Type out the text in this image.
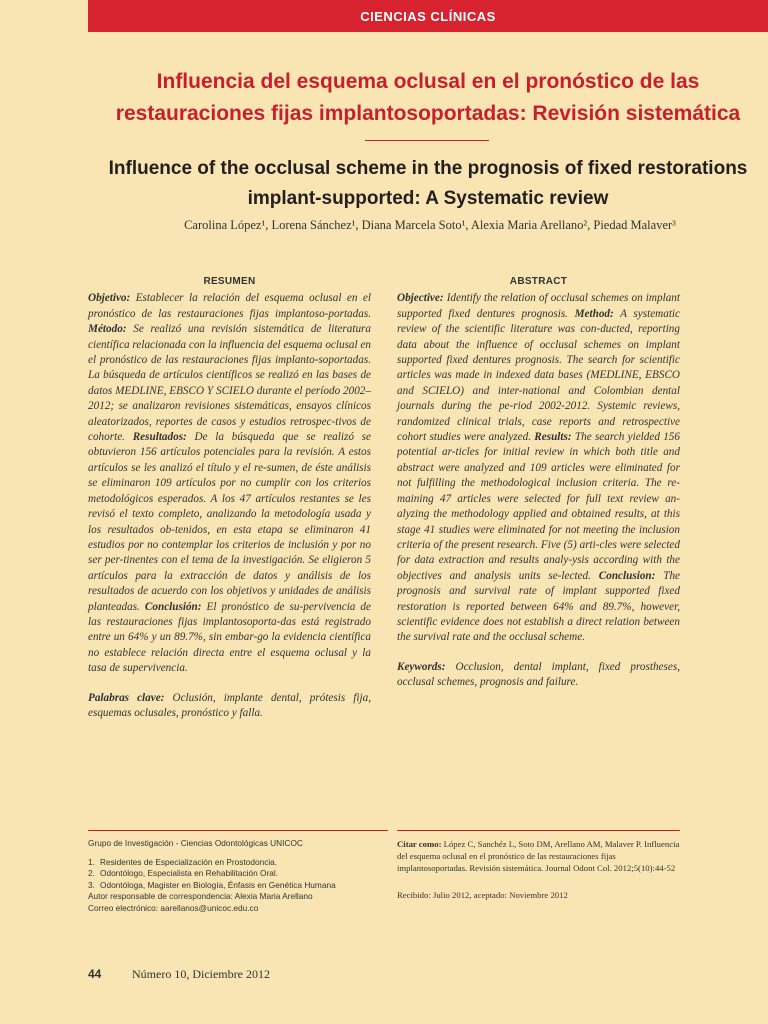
CIENCIAS CLÍNICAS
Influencia del esquema oclusal en el pronóstico de las restauraciones fijas implantosoportadas: Revisión sistemática
Influence of the occlusal scheme in the prognosis of fixed restorations implant-supported: A Systematic review
Carolina López¹, Lorena Sánchez¹, Diana Marcela Soto¹, Alexia Maria Arellano², Piedad Malaver³
RESUMEN

Objetivo: Establecer la relación del esquema oclusal en el pronóstico de las restauraciones fijas implantoso-portadas. Método: Se realizó una revisión sistemática de literatura científica relacionada con la influencia del esquema oclusal en el pronóstico de las restauraciones fijas implanto-soportadas. La búsqueda de artículos científicos se realizó en las bases de datos MEDLINE, EBSCO Y SCIELO durante el período 2002–2012; se analizaron revisiones sistemáticas, ensayos clínicos aleatorizados, reportes de casos y estudios retrospec-tivos de cohorte. Resultados: De la búsqueda que se realizó se obtuvieron 156 artículos potenciales para la revisión. A estos artículos se les analizó el título y el re-sumen, de éste análisis se eliminaron 109 artículos por no cumplir con los criterios metodológicos esperados. A los 47 artículos restantes se les revisó el texto completo, analizando la metodología usada y los resultados ob-tenidos, en esta etapa se eliminaron 41 estudios por no contemplar los criterios de inclusión y por no ser per-tinentes con el tema de la investigación. Se eligieron 5 artículos para la extracción de datos y análisis de los resultados de acuerdo con los objetivos y unidades de análisis planteadas. Conclusión: El pronóstico de su-pervivencia de las restauraciones fijas implantosoporta-das está registrado entre un 64% y un 89.7%, sin embar-go la evidencia científica no establece relación directa entre el esquema oclusal y la tasa de supervivencia.

Palabras clave: Oclusión, implante dental, prótesis fija, esquemas oclusales, pronóstico y falla.

ABSTRACT

Objective: Identify the relation of occlusal schemes on implant supported fixed dentures prognosis. Method: A systematic review of the scientific literature was con-ducted, reporting data about the influence of occlusal schemes on implant supported fixed dentures prognosis. The search for scientific articles was made in indexed data bases (MEDLINE, EBSCO and SCIELO) and inter-national and Colombian dental journals during the pe-riod 2002-2012. Systemic reviews, randomized clinical trials, case reports and retrospective cohort studies were analyzed. Results: The search yielded 156 potential ar-ticles for initial review in which both title and abstract were analyzed and 109 articles were eliminated for not fulfilling the methodological inclusion criteria. The re-maining 47 articles were selected for full text review an-alyzing the methodology applied and obtained results, at this stage 41 studies were eliminated for not meeting the inclusion criteria of the present research. Five (5) arti-cles were selected for data extraction and results analy-ysis according with the objectives and analysis units se-lected. Conclusion: The prognosis and survival rate of implant supported fixed restoration is reported between 64% and 89.7%, however, scientific evidence does not establish a direct relation between the survival rate and the occlusal scheme.

Keywords: Occlusion, dental implant, fixed prostheses, occlusal schemes, prognosis and failure.

Grupo de Investigación - Ciencias Odontológicas UNICOC
1. Residentes de Especialización en Prostodoncia.
2. Odontólogo, Especialista en Rehabilitación Oral.
3. Odontóloga, Magister en Biología, Énfasis en Genética Humana
Autor responsable de correspondencia: Alexia Maria Arellano
Correo electrónico: aarellanos@unicoc.edu.co
Citar como: López C, Sanchéz L, Soto DM, Arellano AM, Malaver P. Influencia del esquema oclusal en el pronóstico de las restauraciones fijas implantosoportadas. Revisión sistemática. Journal Odont Col. 2012;5(10):44-52
Recibido: Julio 2012, aceptado: Noviembre 2012
44	Número 10, Diciembre 2012
